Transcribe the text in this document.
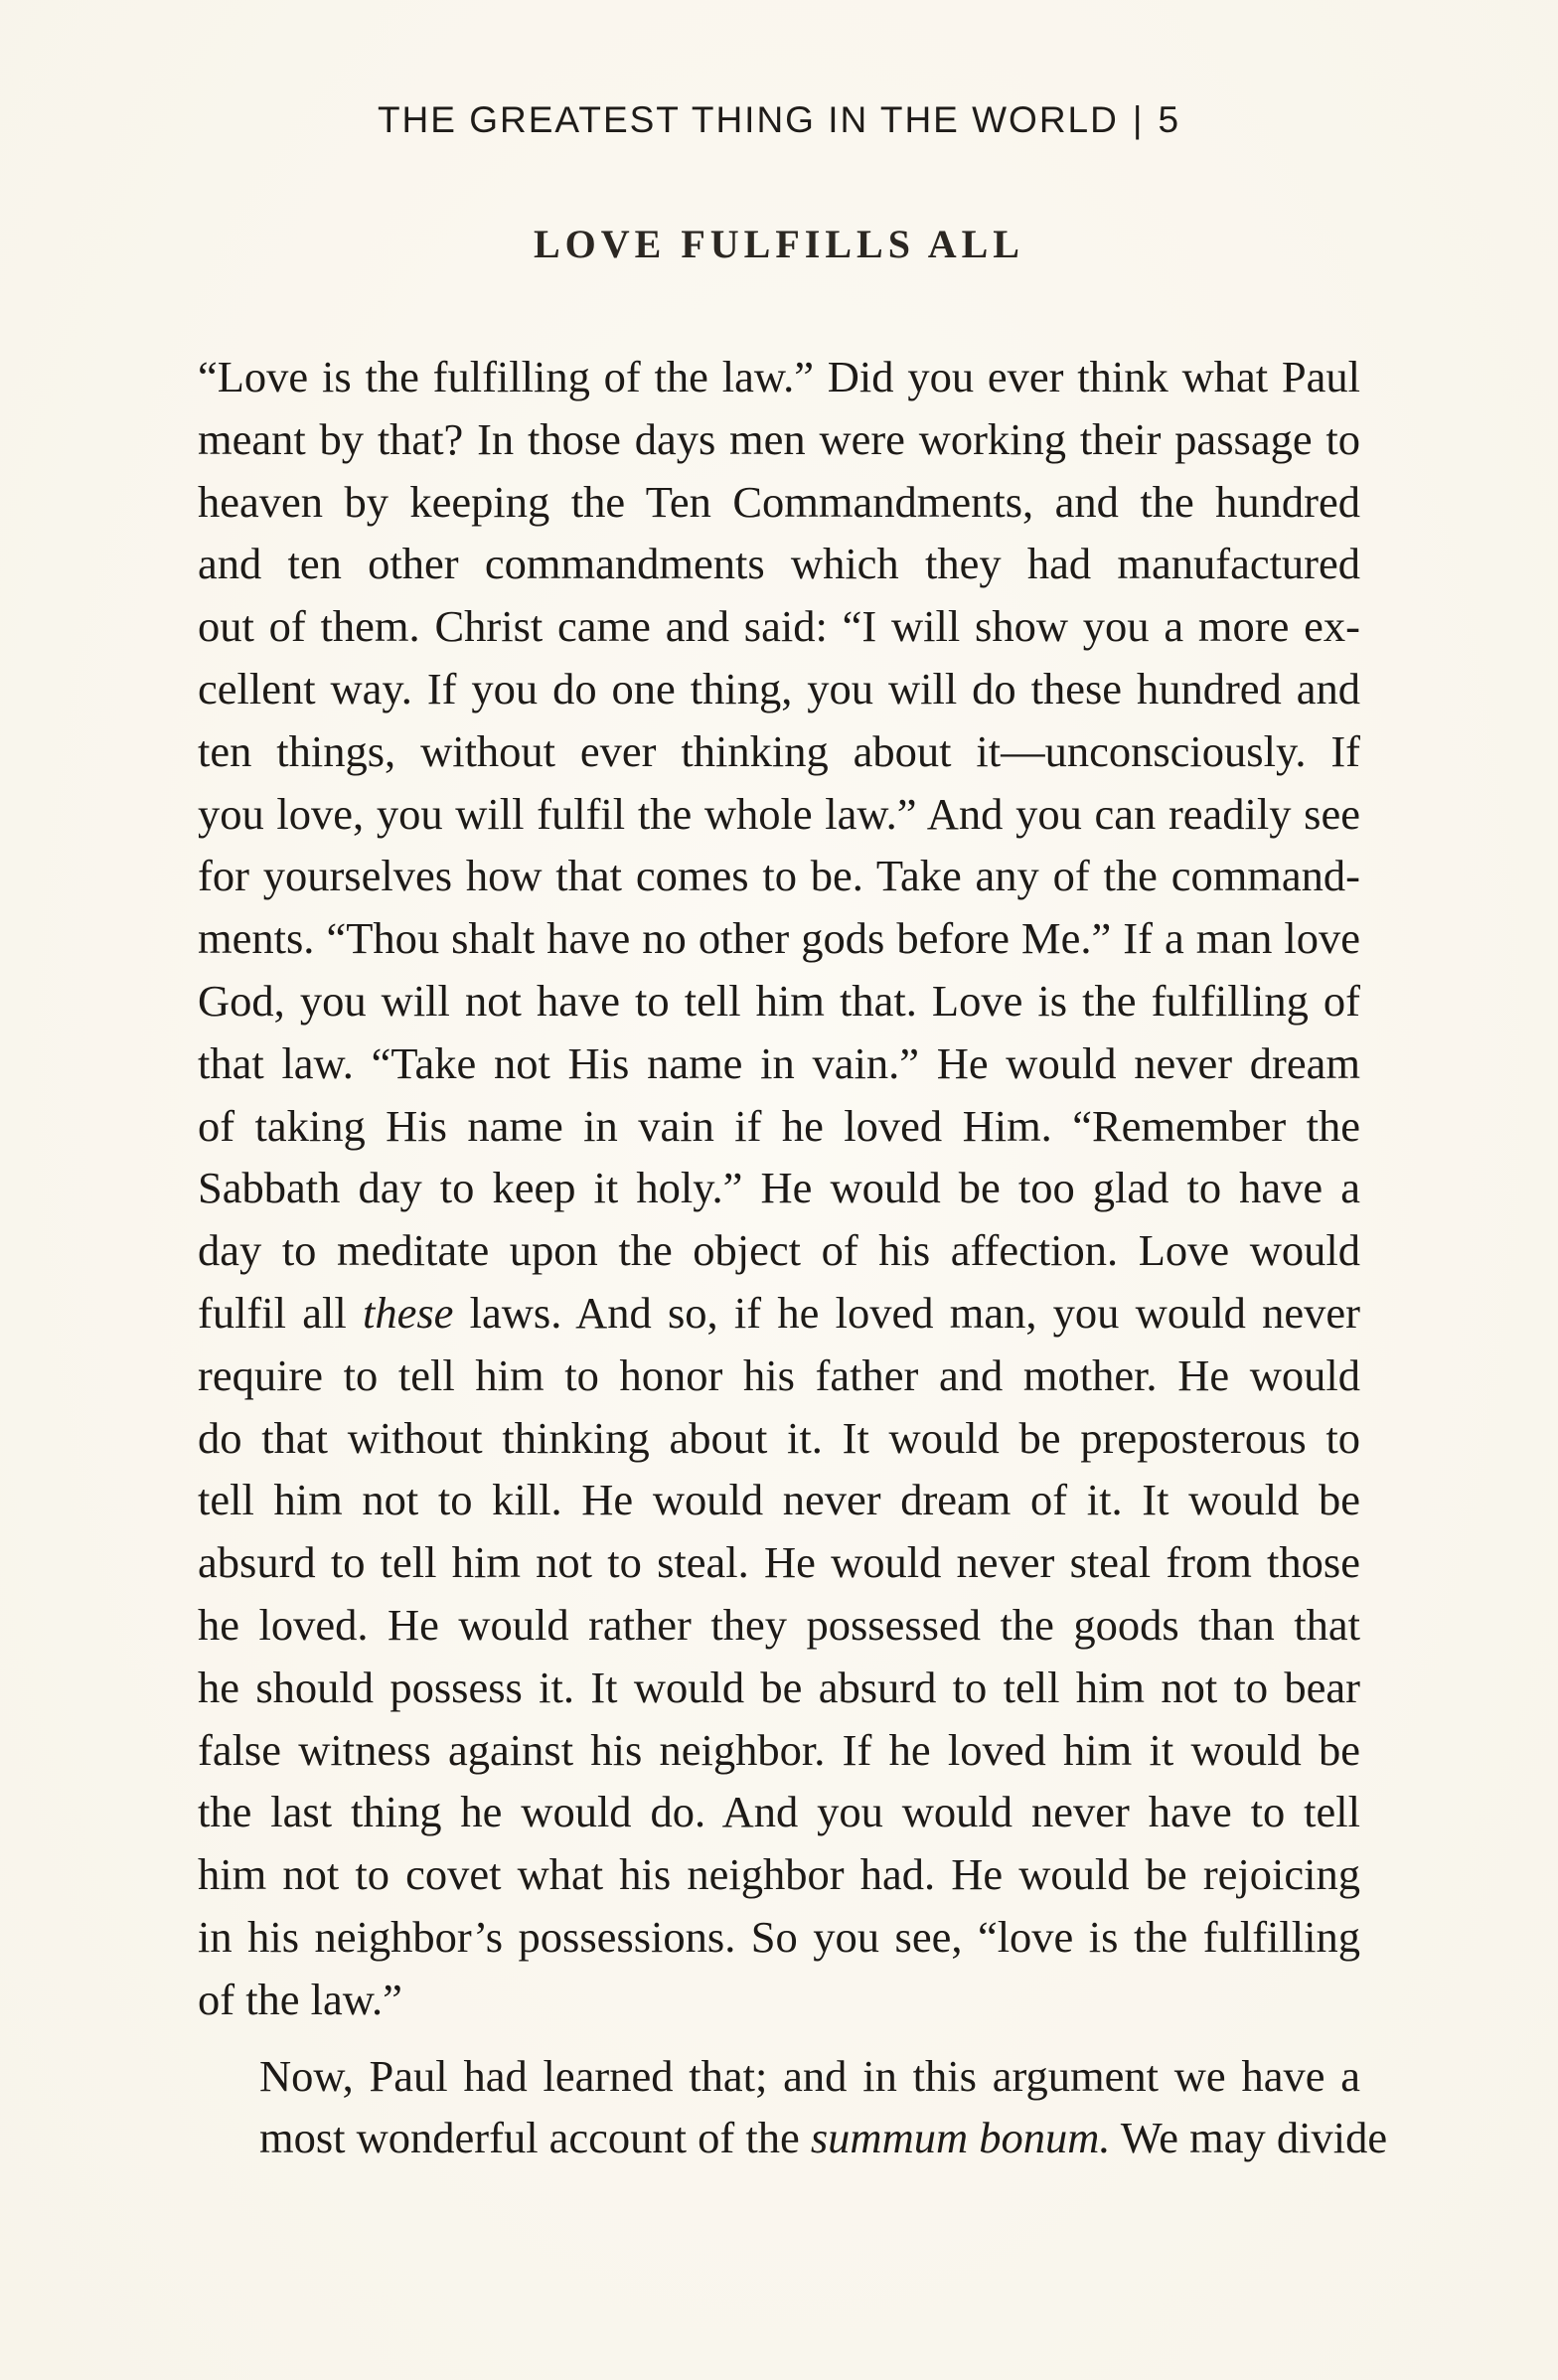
THE GREATEST THING IN THE WORLD | 5
LOVE FULFILLS ALL

“Love is the fulfilling of the law.” Did you ever think what Paul
meant by that? In those days men were working their passage to
heaven by keeping the Ten Commandments, and the hundred
and ten other commandments which they had manufactured
out of them. Christ came and said: “I will show you a more ex-
cellent way. If you do one thing, you will do these hundred and
ten things, without ever thinking about it—unconsciously. If
you love, you will fulfil the whole law.” And you can readily see
for yourselves how that comes to be. Take any of the command-
ments. “Thou shalt have no other gods before Me.” If a man love
God, you will not have to tell him that. Love is the fulfilling of
that law. “Take not His name in vain.” He would never dream
of taking His name in vain if he loved Him. “Remember the
Sabbath day to keep it holy.” He would be too glad to have a
day to meditate upon the object of his affection. Love would
fulfil all these laws. And so, if he loved man, you would never
require to tell him to honor his father and mother. He would
do that without thinking about it. It would be preposterous to
tell him not to kill. He would never dream of it. It would be
absurd to tell him not to steal. He would never steal from those
he loved. He would rather they possessed the goods than that
he should possess it. It would be absurd to tell him not to bear
false witness against his neighbor. If he loved him it would be
the last thing he would do. And you would never have to tell
him not to covet what his neighbor had. He would be rejoicing
in his neighbor’s possessions. So you see, “love is the fulfilling
of the law.”

Now, Paul had learned that; and in this argument we have a
most wonderful account of the summum bonum. We may divide
